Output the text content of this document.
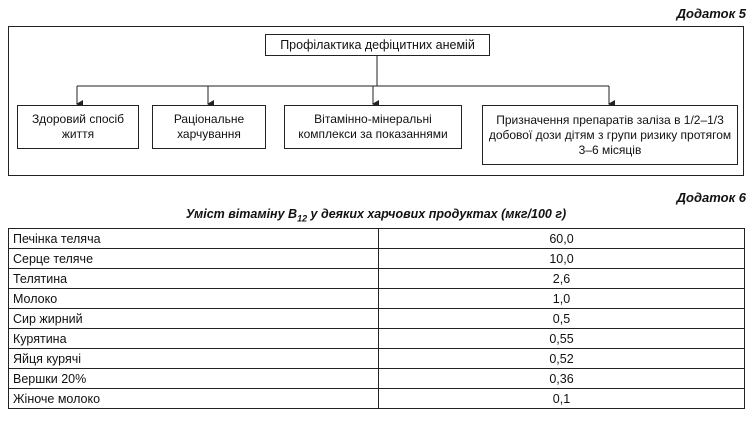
Додаток 5
Профілактика дефіцитних анемій
Здоровий спосіб життя
Раціональне харчування
Вітамінно-мінеральні комплекси за показаннями
Призначення препаратів заліза в 1/2–1/3 добової дози дітям з групи ризику протягом 3–6 місяців
Додаток 6
Уміст вітаміну $B_{12}$ у деяких харчових продуктах (мкг/100 г)
Печінка теляча	60,0
Серце теляче	10,0
Телятина	2,6
Молоко	1,0
Сир жирний	0,5
Курятина	0,55
Яйця курячі	0,52
Вершки 20%	0,36
Жіноче молоко	0,1
